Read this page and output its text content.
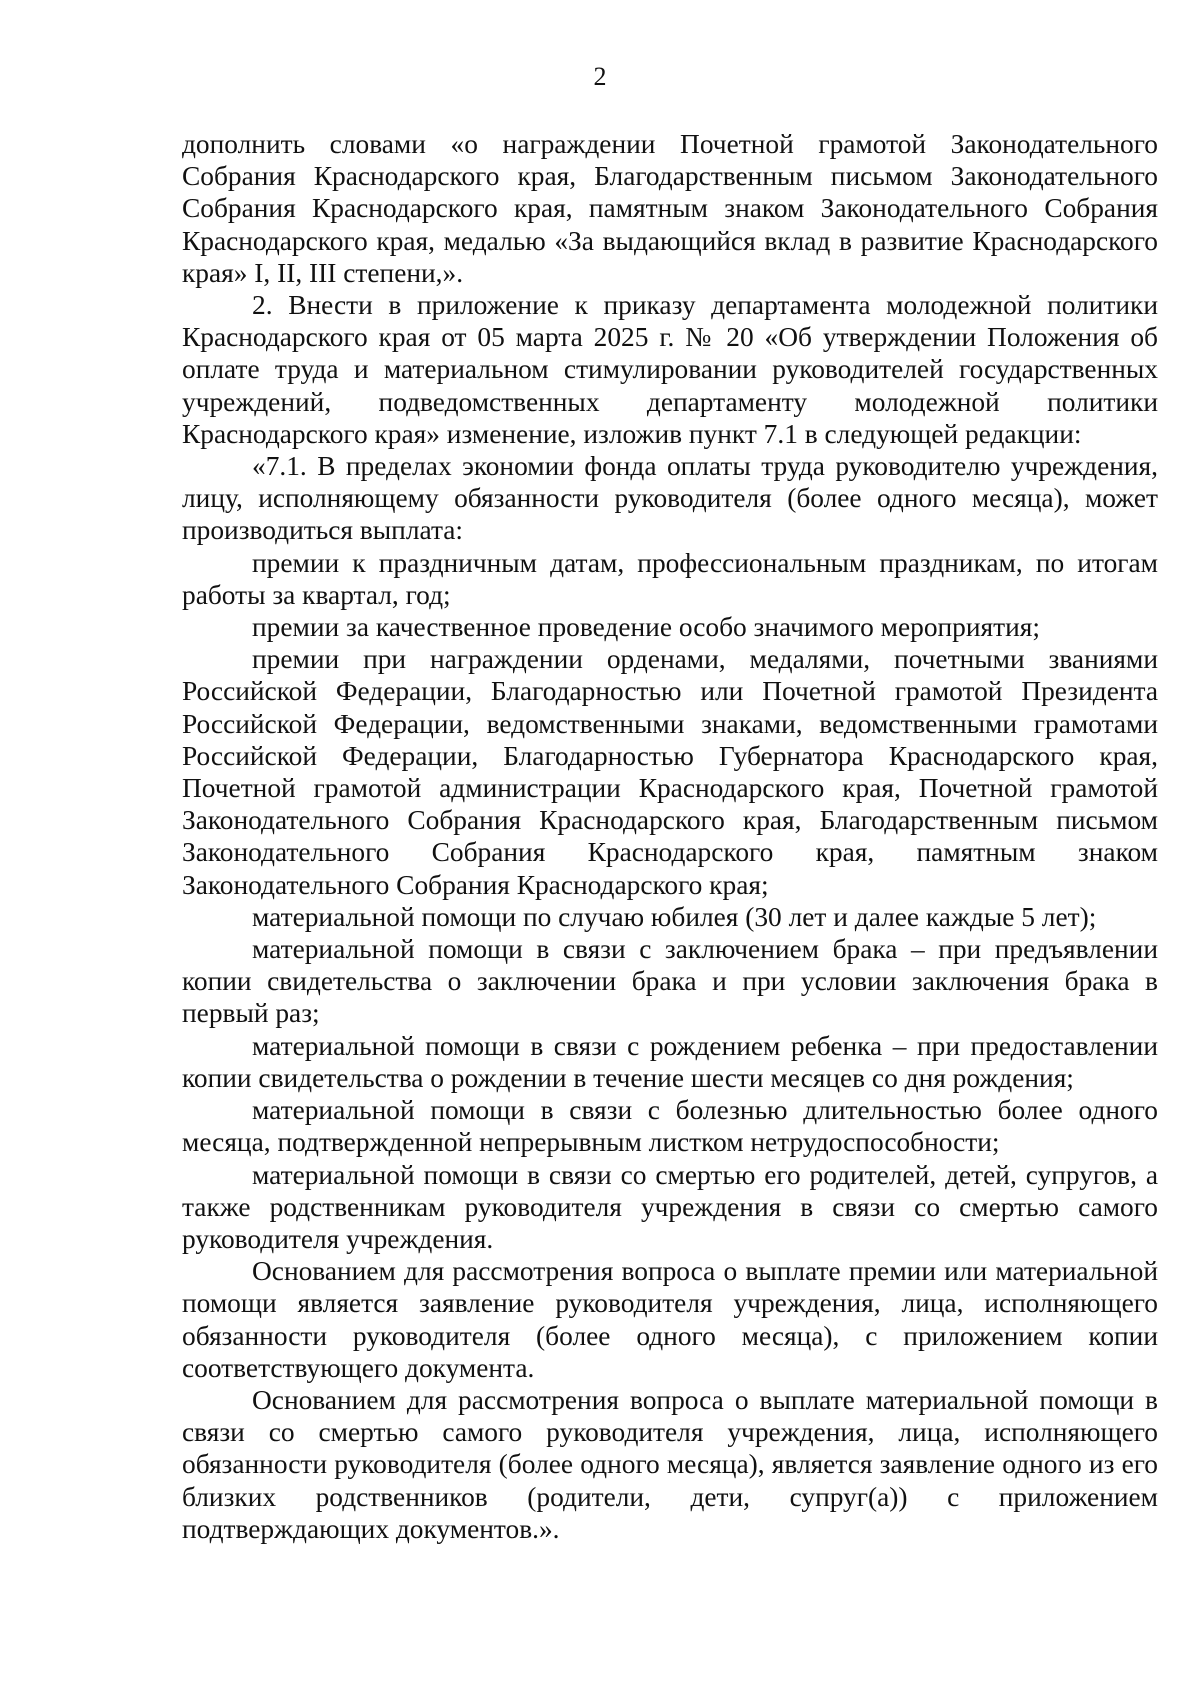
2

дополнить словами «о награждении Почетной грамотой Законодательного Собрания Краснодарского края, Благодарственным письмом Законодательного Собрания Краснодарского края, памятным знаком Законодательного Собрания Краснодарского края, медалью «За выдающийся вклад в развитие Краснодарского края» I, II, III степени,».

2. Внести в приложение к приказу департамента молодежной политики Краснодарского края от 05 марта 2025 г. № 20 «Об утверждении Положения об оплате труда и материальном стимулировании руководителей государственных учреждений, подведомственных департаменту молодежной политики Краснодарского края» изменение, изложив пункт 7.1 в следующей редакции:

«7.1. В пределах экономии фонда оплаты труда руководителю учреждения, лицу, исполняющему обязанности руководителя (более одного месяца), может производиться выплата:

премии к праздничным датам, профессиональным праздникам, по итогам работы за квартал, год;

премии за качественное проведение особо значимого мероприятия;

премии при награждении орденами, медалями, почетными званиями Российской Федерации, Благодарностью или Почетной грамотой Президента Российской Федерации, ведомственными знаками, ведомственными грамотами Российской Федерации, Благодарностью Губернатора Краснодарского края, Почетной грамотой администрации Краснодарского края, Почетной грамотой Законодательного Собрания Краснодарского края, Благодарственным письмом Законодательного Собрания Краснодарского края, памятным знаком Законодательного Собрания Краснодарского края;

материальной помощи по случаю юбилея (30 лет и далее каждые 5 лет);

материальной помощи в связи с заключением брака – при предъявлении копии свидетельства о заключении брака и при условии заключения брака в первый раз;

материальной помощи в связи с рождением ребенка – при предоставлении копии свидетельства о рождении в течение шести месяцев со дня рождения;

материальной помощи в связи с болезнью длительностью более одного месяца, подтвержденной непрерывным листком нетрудоспособности;

материальной помощи в связи со смертью его родителей, детей, супругов, а также родственникам руководителя учреждения в связи со смертью самого руководителя учреждения.

Основанием для рассмотрения вопроса о выплате премии или материальной помощи является заявление руководителя учреждения, лица, исполняющего обязанности руководителя (более одного месяца), с приложением копии соответствующего документа.

Основанием для рассмотрения вопроса о выплате материальной помощи в связи со смертью самого руководителя учреждения, лица, исполняющего обязанности руководителя (более одного месяца), является заявление одного из его близких родственников (родители, дети, супруг(а)) с приложением подтверждающих документов.».
